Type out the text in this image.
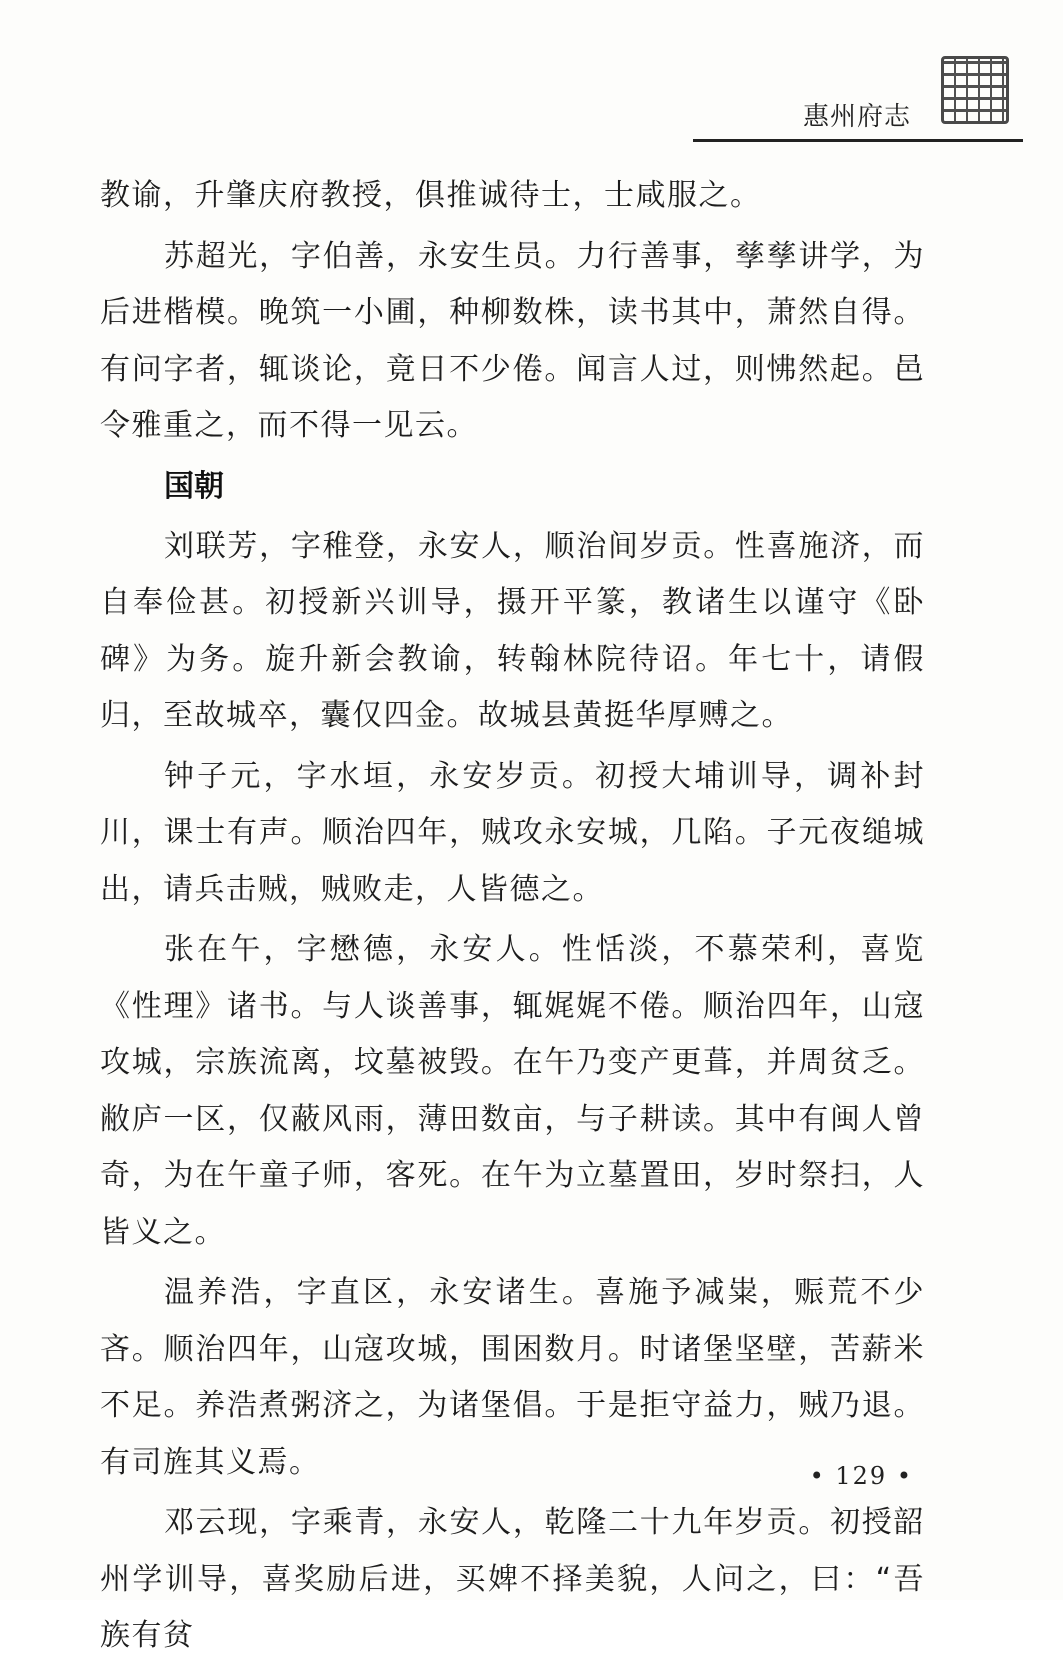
惠州府志

教谕，升肇庆府教授，俱推诚待士，士咸服之。

苏超光，字伯善，永安生员。力行善事，孳孳讲学，为后进楷模。晚筑一小圃，种柳数株，读书其中，萧然自得。有问字者，辄谈论，竟日不少倦。闻言人过，则怫然起。邑令雅重之，而不得一见云。

国朝

刘联芳，字稚登，永安人，顺治间岁贡。性喜施济，而自奉俭甚。初授新兴训导，摄开平篆，教诸生以谨守《卧碑》为务。旋升新会教谕，转翰林院待诏。年七十，请假归，至故城卒，囊仅四金。故城县黄挺华厚赙之。

钟子元，字水垣，永安岁贡。初授大埔训导，调补封川，课士有声。顺治四年，贼攻永安城，几陷。子元夜缒城出，请兵击贼，贼败走，人皆德之。

张在午，字懋德，永安人。性恬淡，不慕荣利，喜览《性理》诸书。与人谈善事，辄娓娓不倦。顺治四年，山寇攻城，宗族流离，坟墓被毁。在午乃变产更葺，并周贫乏。敝庐一区，仅蔽风雨，薄田数亩，与子耕读。其中有闽人曾奇，为在午童子师，客死。在午为立墓置田，岁时祭扫，人皆义之。

温养浩，字直区，永安诸生。喜施予减粜，赈荒不少吝。顺治四年，山寇攻城，围困数月。时诸堡坚壁，苦薪米不足。养浩煮粥济之，为诸堡倡。于是拒守益力，贼乃退。有司旌其义焉。

邓云现，字乘青，永安人，乾隆二十九年岁贡。初授韶州学训导，喜奖励后进，买婢不择美貌，人问之，曰：“吾族有贫

• 129 •
